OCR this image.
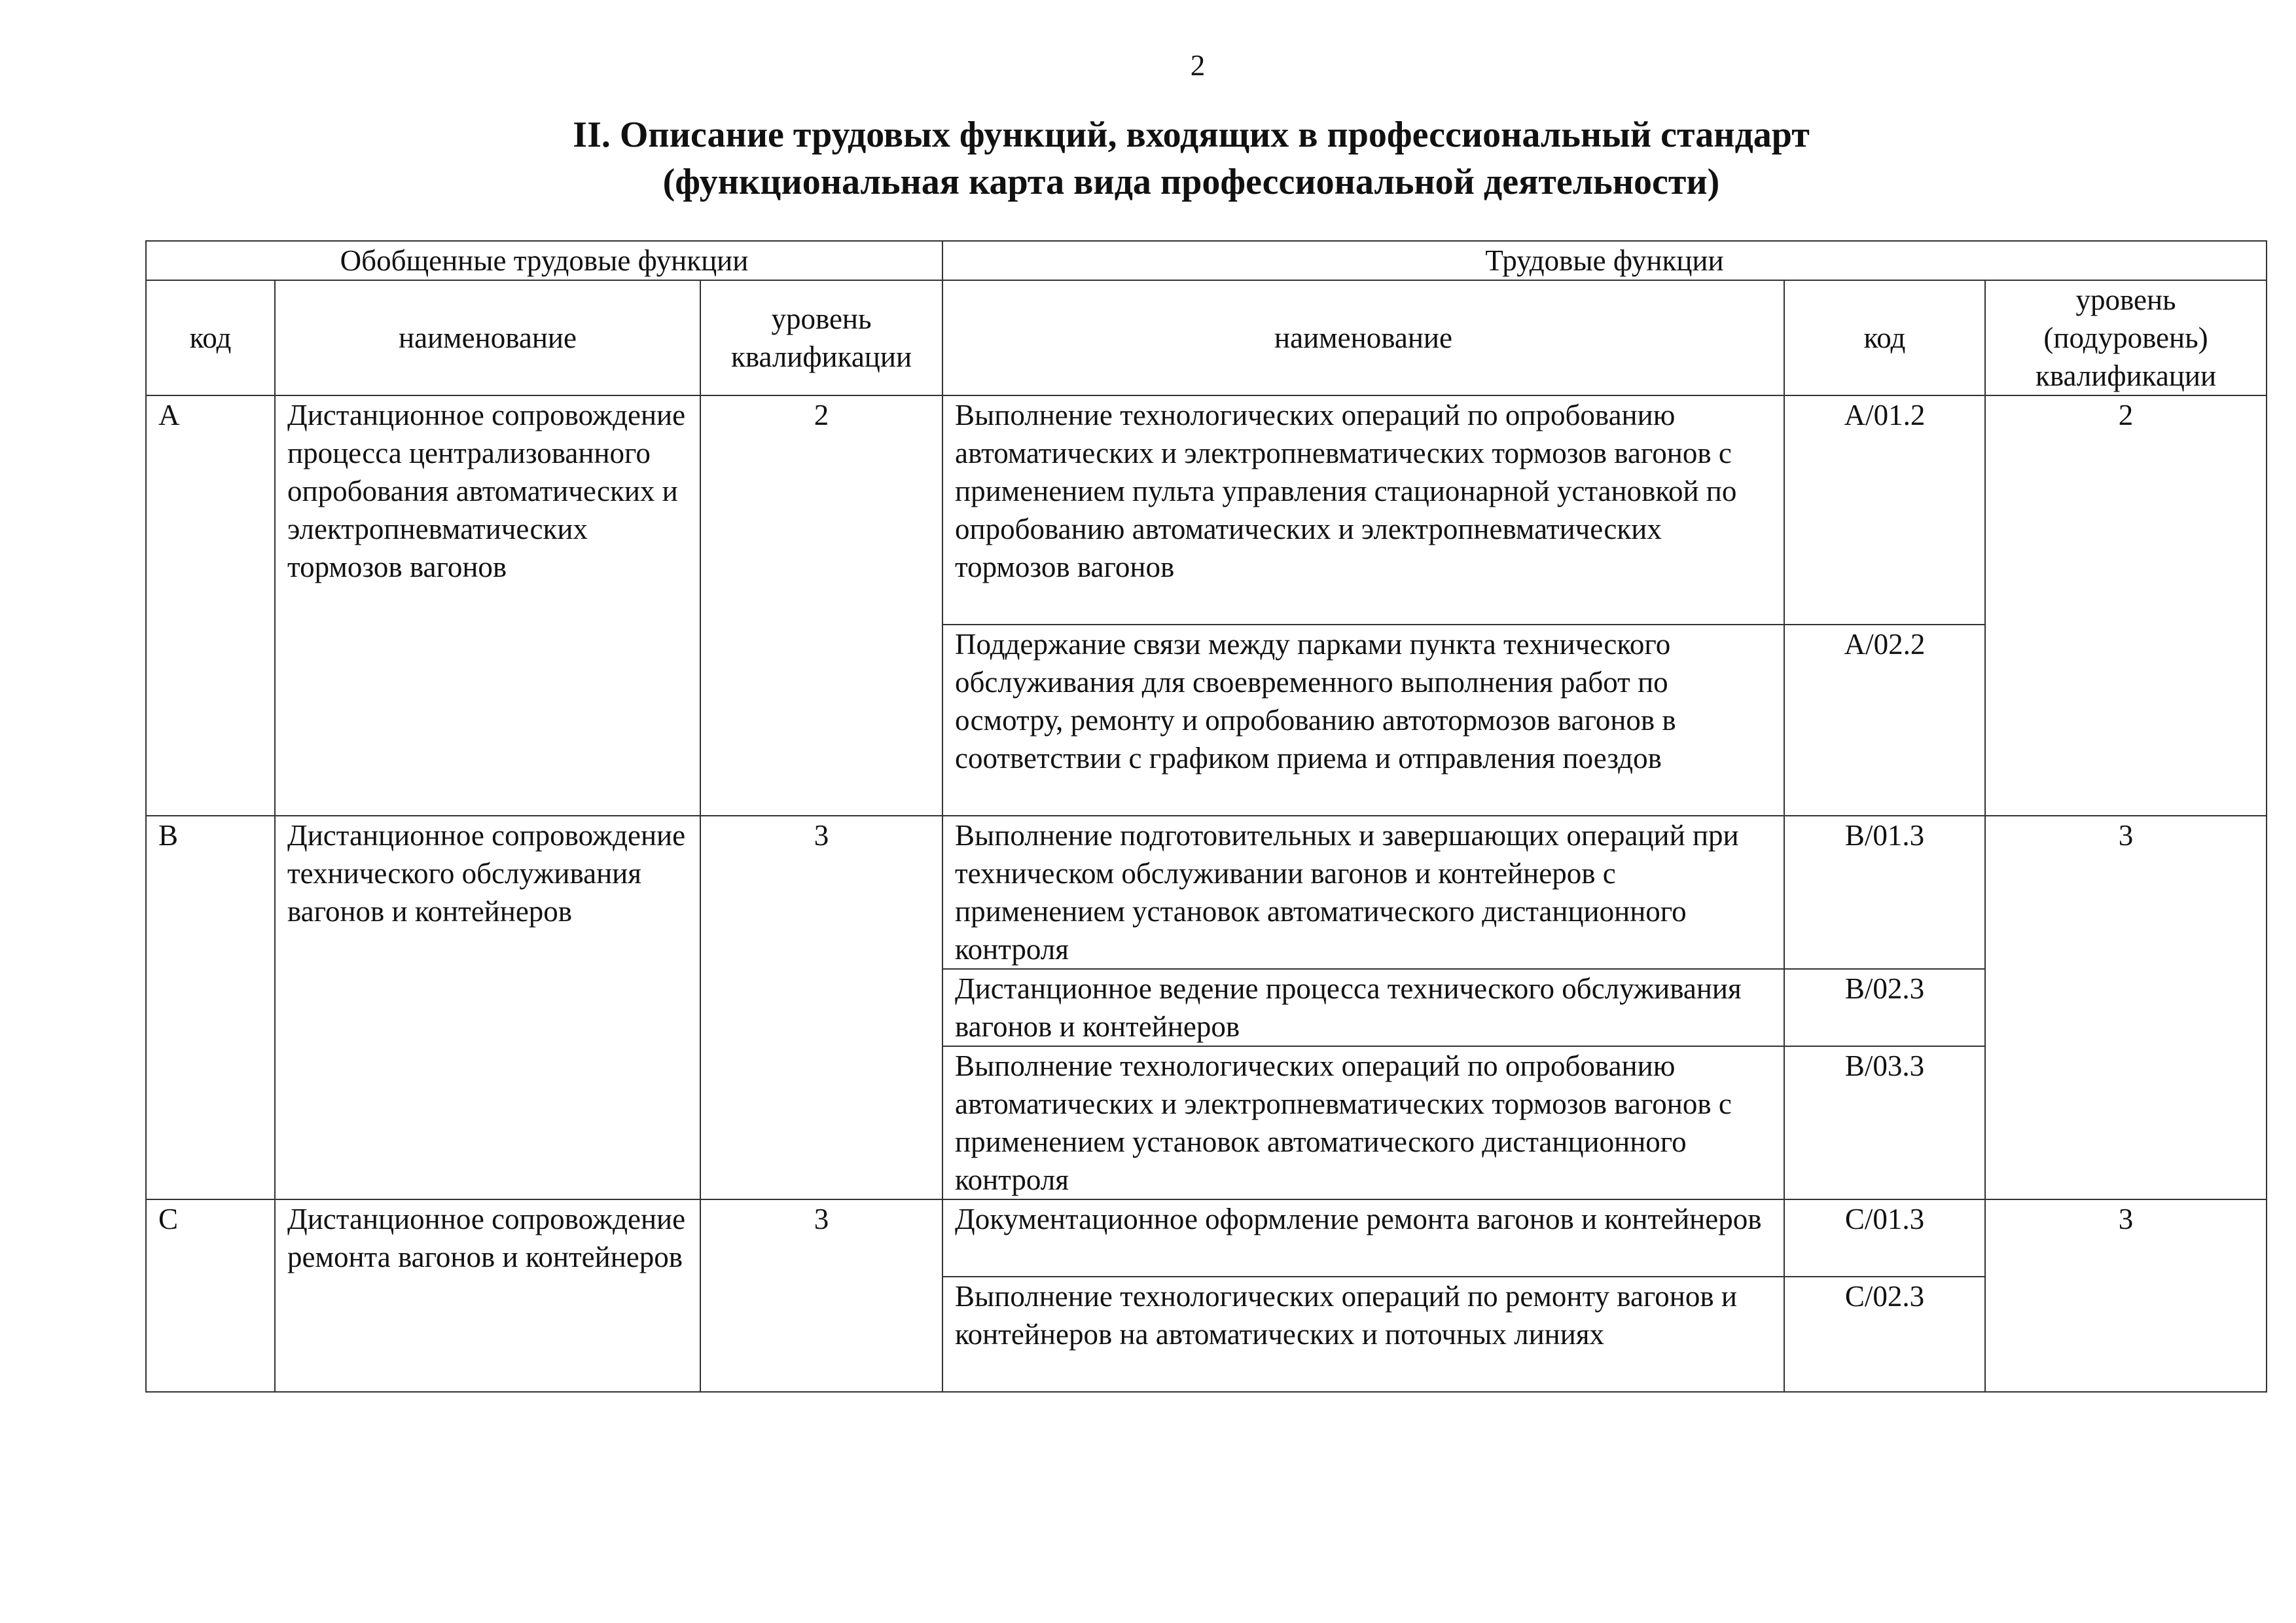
2
II. Описание трудовых функций, входящих в профессиональный стандарт
(функциональная карта вида профессиональной деятельности)
Обобщенные трудовые функции			Трудовые функции		
код	наименование	уровень квалификации	наименование	код	уровень (подуровень) квалификации
A	Дистанционное сопровождение процесса централизованного опробования автоматических и электропневматических тормозов вагонов	2	Выполнение технологических операций по опробованию автоматических и электропневматических тормозов вагонов с применением пульта управления стационарной установкой по опробованию автоматических и электропневматических тормозов вагонов	A/01.2	2
			Поддержание связи между парками пункта технического обслуживания для своевременного выполнения работ по осмотру, ремонту и опробованию автотормозов вагонов в соответствии с графиком приема и отправления поездов	A/02.2	
B	Дистанционное сопровождение технического обслуживания вагонов и контейнеров	3	Выполнение подготовительных и завершающих операций при техническом обслуживании вагонов и контейнеров с применением установок автоматического дистанционного контроля	B/01.3	3
			Дистанционное ведение процесса технического обслуживания вагонов и контейнеров	B/02.3	
			Выполнение технологических операций по опробованию автоматических и электропневматических тормозов вагонов с применением установок автоматического дистанционного контроля	B/03.3	
C	Дистанционное сопровождение ремонта вагонов и контейнеров	3	Документационное оформление ремонта вагонов и контейнеров	C/01.3	3
			Выполнение технологических операций по ремонту вагонов и контейнеров на автоматических и поточных линиях	C/02.3	
